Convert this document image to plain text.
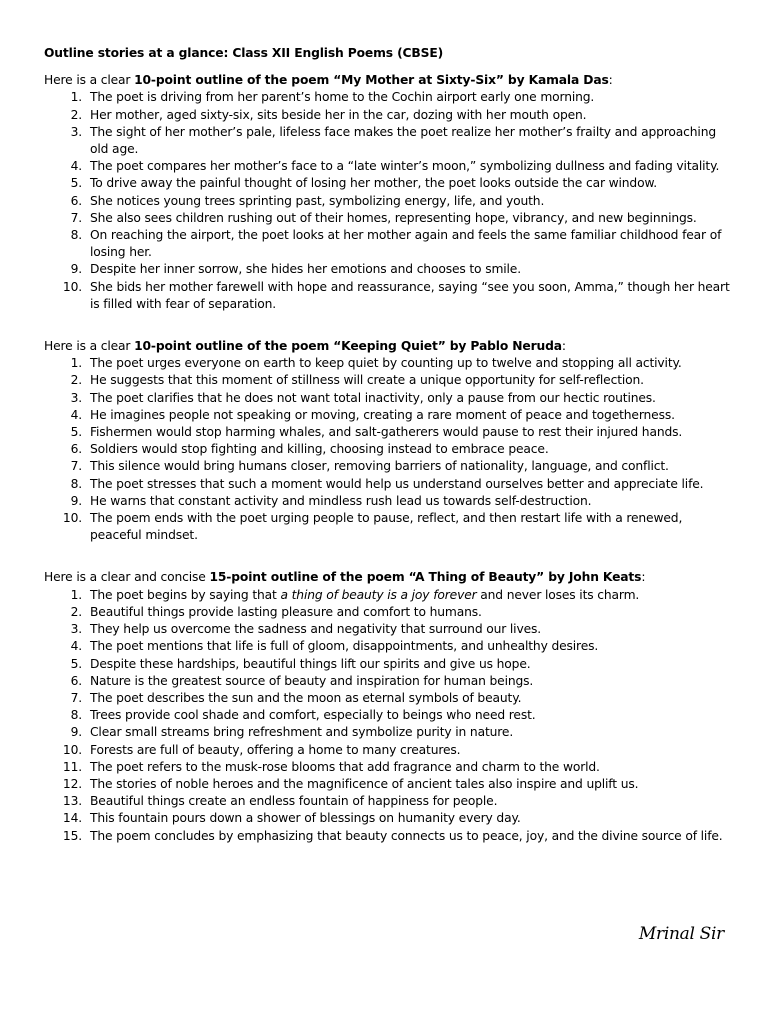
Outline stories at a glance: Class XII English Poems (CBSE)

Here is a clear 10-point outline of the poem “My Mother at Sixty-Six” by Kamala Das:

1. The poet is driving from her parent’s home to the Cochin airport early one morning.
2. Her mother, aged sixty-six, sits beside her in the car, dozing with her mouth open.
3. The sight of her mother’s pale, lifeless face makes the poet realize her mother’s frailty and approaching old age.
4. The poet compares her mother’s face to a “late winter’s moon,” symbolizing dullness and fading vitality.
5. To drive away the painful thought of losing her mother, the poet looks outside the car window.
6. She notices young trees sprinting past, symbolizing energy, life, and youth.
7. She also sees children rushing out of their homes, representing hope, vibrancy, and new beginnings.
8. On reaching the airport, the poet looks at her mother again and feels the same familiar childhood fear of losing her.
9. Despite her inner sorrow, she hides her emotions and chooses to smile.
10. She bids her mother farewell with hope and reassurance, saying “see you soon, Amma,” though her heart is filled with fear of separation.

Here is a clear 10-point outline of the poem “Keeping Quiet” by Pablo Neruda:

1. The poet urges everyone on earth to keep quiet by counting up to twelve and stopping all activity.
2. He suggests that this moment of stillness will create a unique opportunity for self-reflection.
3. The poet clarifies that he does not want total inactivity, only a pause from our hectic routines.
4. He imagines people not speaking or moving, creating a rare moment of peace and togetherness.
5. Fishermen would stop harming whales, and salt-gatherers would pause to rest their injured hands.
6. Soldiers would stop fighting and killing, choosing instead to embrace peace.
7. This silence would bring humans closer, removing barriers of nationality, language, and conflict.
8. The poet stresses that such a moment would help us understand ourselves better and appreciate life.
9. He warns that constant activity and mindless rush lead us towards self-destruction.
10. The poem ends with the poet urging people to pause, reflect, and then restart life with a renewed, peaceful mindset.

Here is a clear and concise 15-point outline of the poem “A Thing of Beauty” by John Keats:

1. The poet begins by saying that a thing of beauty is a joy forever and never loses its charm.
2. Beautiful things provide lasting pleasure and comfort to humans.
3. They help us overcome the sadness and negativity that surround our lives.
4. The poet mentions that life is full of gloom, disappointments, and unhealthy desires.
5. Despite these hardships, beautiful things lift our spirits and give us hope.
6. Nature is the greatest source of beauty and inspiration for human beings.
7. The poet describes the sun and the moon as eternal symbols of beauty.
8. Trees provide cool shade and comfort, especially to beings who need rest.
9. Clear small streams bring refreshment and symbolize purity in nature.
10. Forests are full of beauty, offering a home to many creatures.
11. The poet refers to the musk-rose blooms that add fragrance and charm to the world.
12. The stories of noble heroes and the magnificence of ancient tales also inspire and uplift us.
13. Beautiful things create an endless fountain of happiness for people.
14. This fountain pours down a shower of blessings on humanity every day.
15. The poem concludes by emphasizing that beauty connects us to peace, joy, and the divine source of life.
Mrinal Sir
